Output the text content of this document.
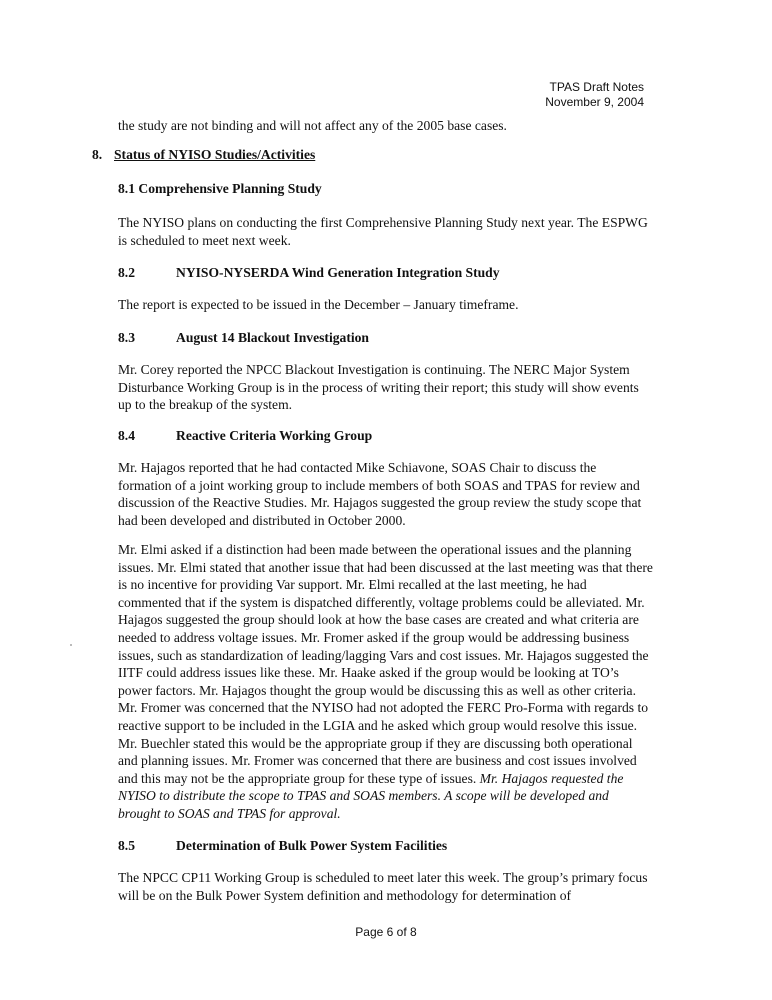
TPAS Draft Notes
November 9, 2004

the study are not binding and will not affect any of the 2005 base cases.

8. Status of NYISO Studies/Activities
8.1 Comprehensive Planning Study

The NYISO plans on conducting the first Comprehensive Planning Study next year. The ESPWG is scheduled to meet next week.

8.2	NYISO-NYSERDA Wind Generation Integration Study

The report is expected to be issued in the December – January timeframe.

8.3	August 14 Blackout Investigation

Mr. Corey reported the NPCC Blackout Investigation is continuing. The NERC Major System Disturbance Working Group is in the process of writing their report; this study will show events up to the breakup of the system.

8.4	Reactive Criteria Working Group

Mr. Hajagos reported that he had contacted Mike Schiavone, SOAS Chair to discuss the formation of a joint working group to include members of both SOAS and TPAS for review and discussion of the Reactive Studies. Mr. Hajagos suggested the group review the study scope that had been developed and distributed in October 2000.

Mr. Elmi asked if a distinction had been made between the operational issues and the planning issues. Mr. Elmi stated that another issue that had been discussed at the last meeting was that there is no incentive for providing Var support. Mr. Elmi recalled at the last meeting, he had commented that if the system is dispatched differently, voltage problems could be alleviated. Mr. Hajagos suggested the group should look at how the base cases are created and what criteria are needed to address voltage issues. Mr. Fromer asked if the group would be addressing business issues, such as standardization of leading/lagging Vars and cost issues. Mr. Hajagos suggested the IITF could address issues like these. Mr. Haake asked if the group would be looking at TO’s power factors. Mr. Hajagos thought the group would be discussing this as well as other criteria. Mr. Fromer was concerned that the NYISO had not adopted the FERC Pro-Forma with regards to reactive support to be included in the LGIA and he asked which group would resolve this issue. Mr. Buechler stated this would be the appropriate group if they are discussing both operational and planning issues. Mr. Fromer was concerned that there are business and cost issues involved and this may not be the appropriate group for these type of issues. Mr. Hajagos requested the NYISO to distribute the scope to TPAS and SOAS members. A scope will be developed and brought to SOAS and TPAS for approval.

8.5	Determination of Bulk Power System Facilities

The NPCC CP11 Working Group is scheduled to meet later this week. The group’s primary focus will be on the Bulk Power System definition and methodology for determination of

Page 6 of 8
